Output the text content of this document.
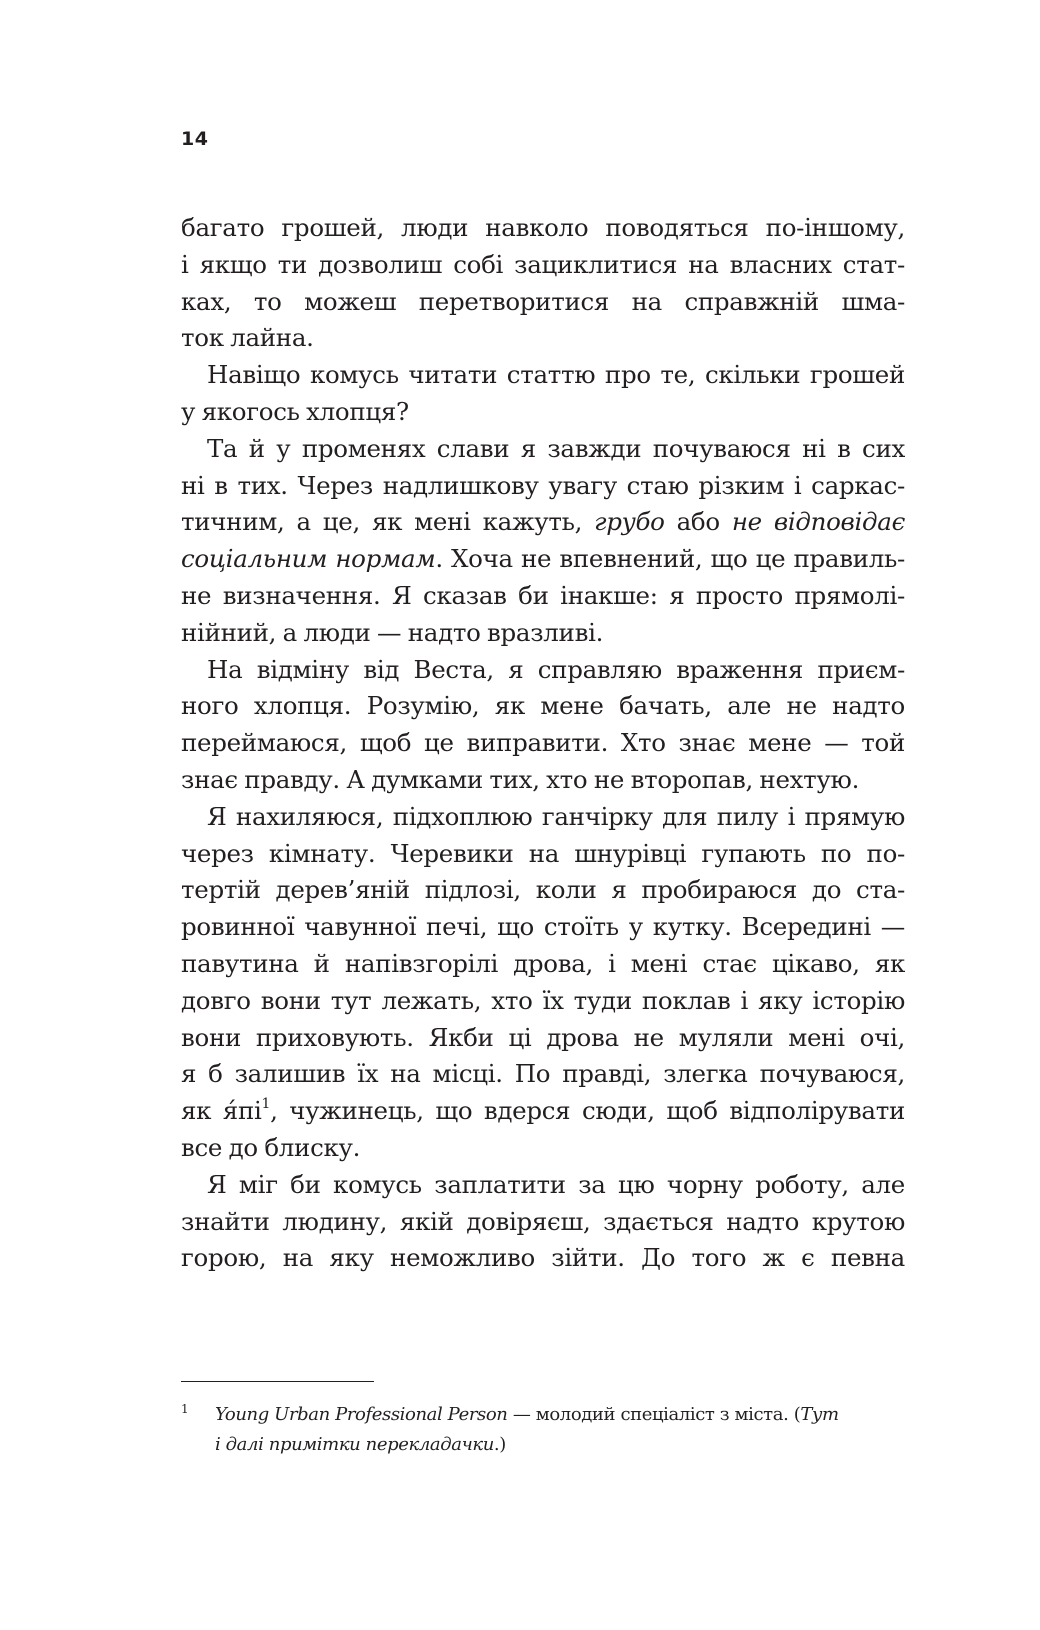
14
багато грошей, люди навколо поводяться по-іншому,
і якщо ти дозволиш собі зациклитися на власних стат-
ках, то можеш перетворитися на справжній шма-
ток лайна.
Навіщо комусь читати статтю про те, скільки грошей
у якогось хлопця?
Та й у променях слави я завжди почуваюся ні в сих
ні в тих. Через надлишкову увагу стаю різким і саркас-
тичним, а це, як мені кажуть, грубо або не відповідає
соціальним нормам. Хоча не впевнений, що це правиль-
не визначення. Я сказав би інакше: я просто прямолі-
нійний, а люди — надто вразливі.
На відміну від Веста, я справляю враження приєм-
ного хлопця. Розумію, як мене бачать, але не надто
переймаюся, щоб це виправити. Хто знає мене — той
знає правду. А думками тих, хто не второпав, нехтую.
Я нахиляюся, підхоплюю ганчірку для пилу і прямую
через кімнату. Черевики на шнурівці гупають по по-
тертій дерев’яній підлозі, коли я пробираюся до ста-
ровинної чавунної печі, що стоїть у кутку. Всередині —
павутина й напівзгорілі дрова, і мені стає цікаво, як
довго вони тут лежать, хто їх туди поклав і яку історію
вони приховують. Якби ці дрова не муляли мені очі,
я б залишив їх на місці. По правді, злегка почуваюся,
як я́пі$^1$, чужинець, що вдерся сюди, щоб відполірувати
все до блиску.
Я міг би комусь заплатити за цю чорну роботу, але
знайти людину, якій довіряєш, здається надто крутою
горою, на яку неможливо зійти. До того ж є певна
1 Young Urban Professional Person — молодий спеціаліст з міста. (Тут
і далі примітки перекладачки.)
